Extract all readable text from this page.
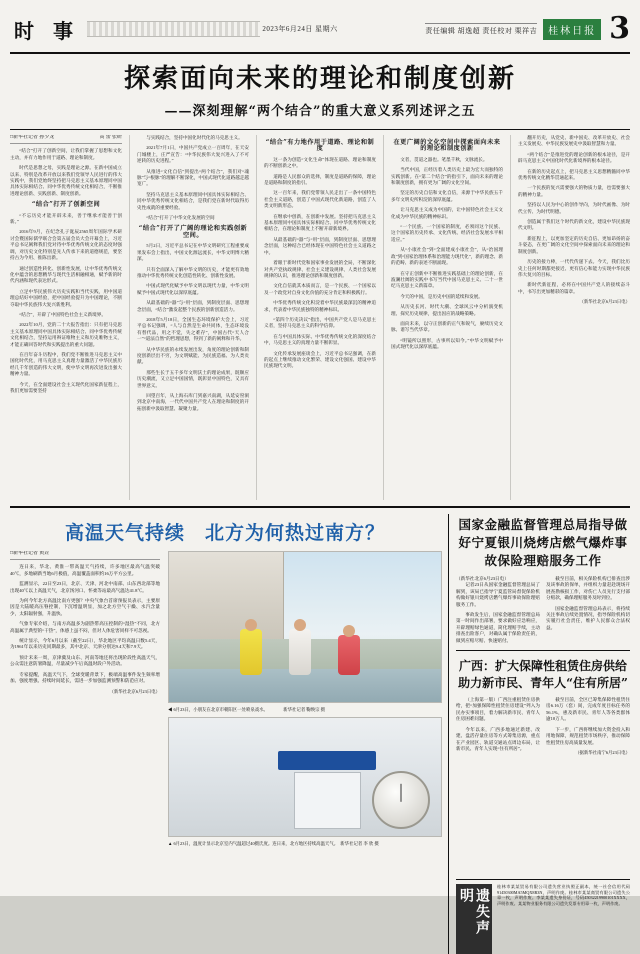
时 事	2023年6月24日 星期六	责任编辑 胡逸超 责任校对 栗祥吉	桂林日报 3
探索面向未来的理论和制度创新
——深刻理解“两个结合”的重大意义系列述评之五
□新华社记者 孙少龙	高 蕾 张研

“结合”打开了创新空间，让我们掌握了思想和文化主动，并有力地作用于道路、理论和制度。

时代是思想之母，实践是理论之源。在新中国成立以来、特别是改革开放以来我们党领导人民进行的伟大实践中，我们党始终坚持把马克思主义基本原理同中国具体实际相结合、同中华优秀传统文化相结合，不断推进理论创新、实践创新、制度创新。

“结合”打开了创新空间

“不忘历史才能开辟未来，善于继承才能善于创新。”

2016年9月，在纪念孔子诞辰2565周年国际学术研讨会暨国际儒学联合会第五届会员大会开幕会上，习近平总书记阐释我们党对待中华优秀传统文化的态度时强调，对历史文化特别是先人传承下来的道德规范，要坚持古为今用、推陈出新。

通过创造性转化、创新性发展，让中华优秀传统文化中蕴含的思想精华与现代生活相融相通，赋予新的时代内涵和现代表达形式。

立足中华民族伟大历史实践和当代实践，用中国道理总结好中国经验，把中国经验提升为中国理论，不断夺取中华民族伟大复兴新胜利。

“结合”，开辟了中国特色社会主义新境界。

2022年10月，党的二十大报告指出：只有把马克思主义基本原理同中国具体实际相结合、同中华优秀传统文化相结合，坚持运用辩证唯物主义和历史唯物主义，才能正确回答时代和实践提出的重大问题。

在百年奋斗历程中，我们党不断推进马克思主义中国化时代化，用马克思主义真理力量激活了中华民族历经几千年创造的伟大文明，使中华文明再次迸发出强大精神力量。

今天，在全面建设社会主义现代化国家新征程上，我们更加需要坚持

与实践结合，坚持中国化时代化的马克思主义。

2021年7月1日，中国共产党成立一百周年，在天安门城楼上，庄严宣告：“中华民族伟大复兴进入了不可逆转的历史进程。”

从推进“文化自信”到提出“两个结合”，我们对“魂脉”与“根脉”的理解不断深化，中国式现代化道路越走越宽广。

坚持马克思主义基本原理同中国具体实际相结合、同中华优秀传统文化相结合，是我们党在新时代取得历史性成就的重要经验。

“结合”打开了中华文化发展的空间

“结合”打开了广阔的理论和实践创新空间。

5月2日，习近平总书记在中华文明研究工程重要成果发布会上指出，中国文化源远流长，中华文明博大精深。

只有全面深入了解中华文明的历史，才能更有效地推动中华优秀传统文化创造性转化、创新性发展。

中国式现代化赋予中华文明以现代力量，中华文明赋予中国式现代化以深厚底蕴。

从最基础的“器”与“用”层面，到制度层面、思想理念层面，“结合”激发起整个民族的创新创造活力。

2018年5月18日，全国生态环境保护大会上，习近平总书记强调，“人与自然是生命共同体，生态环境没有替代品，用之不觉，失之难存”，中国古代“天人合一”“道法自然”的哲理思想，得到了新的阐释和升华。

从中华民族的永续发展出发，角度的理论创新和制度创新层出不穷，为文明赋能、为民族造福、为人类贡献。

那些生长于五千多年文明沃土的理论成果，既顺应历史潮流，又立足中国国情，既彰显中国特色，又具有世界意义。

回望百年，从上海石库门到嘉兴南湖，从延安窑洞到北京中南海，一代代中国共产党人在理论和制度的开拓创新中汲取智慧、凝聚力量。

“结合”有力地作用于道路、理论和制度

这一条为创造“文化生命”体现在道路、理论和制度的不断创新之中。

道路是人民群众的选择，制度是道路的保障，理论是道路和制度的指引。

这一百年来，我们党带领人民走出了一条中国特色社会主义道路，创造了中国式现代化新道路，创造了人类文明新形态。

在继承中创新，在创新中发展。坚持把马克思主义基本原理同中国具体实际相结合、同中华优秀传统文化相结合，在理论和制度上不断开辟新境界。

从最基础的“器”与“用”层面，到制度层面、思想理念层面，这种结合已经体现在中国特色社会主义道路之中。

着眼于新时代党和国家事业发展的全局，不断深化对共产党执政规律、社会主义建设规律、人类社会发展规律的认识，推进理论创新和制度创新。

文化自信就其本质而言，是一个民族、一个国家以及一个政党对自身文化价值的充分肯定和积极践行。

中华优秀传统文化积淀着中华民族最深沉的精神追求，代表着中华民族独特的精神标识。

“第四个历史决议”指出，中国共产党人是马克思主义者，坚持马克思主义的科学信仰。

在与中国具体实际、中华优秀传统文化的深度结合中，马克思主义的真理力量不断彰显。

文化传承发展座谈会上，习近平总书记强调，在新的起点上继续推动文化繁荣、建设文化强国、建设中华民族现代文明。

在更广阔的文化空间中探索面向未来的理论和制度创新

文者，贯道之器也。笔墨千秋，文脉流长。

当代中国，正经历着人类历史上最为宏大而独特的实践创新。在“第二个结合”的指引下，面向未来的理论和制度创新，拥有更为广阔的文化空间。

坚定的历史自信和文化自信，来源于中华民族五千多年文明史所积淀的深厚底蕴。

让马克思主义成为中国的，让中国特色社会主义文化成为中华民族的精神标识。

“一个民族、一个国家的制度，必须同这个民族、这个国家的历史传承、文化传统、经济社会发展水平相适应。”

从“小康社会”到“全面建成小康社会”，从“治国理政”到“国家治理体系和治理能力现代化”，新的理念、新的范畴、新的表述不断涌现。

在守正创新中不断推进实践基础上的理论创新，在波澜壮阔的实践中书写当代中国马克思主义、二十一世纪马克思主义新篇章。

今天的中国，是历史中国的延续和发展。

从历史长河、时代大潮、全球风云中分析演变机理、探究历史规律，提出因应的战略策略。

面向未来，以守正创新的正气和锐气，赓续历史文脉、谱写当代华章。

“明镜所以照形，古事所以知今。”中华文明赋予中国式现代化以深厚底蕴。

翻开历史，从党史、新中国史、改革开放史、社会主义发展史、中华民族发展史中汲取智慧和力量。

“两个结合”是推进党的理论创新的根本途径，是开辟马克思主义中国化时代化新境界的根本途径。

在新的历史起点上，把马克思主义思想精髓同中华优秀传统文化精华贯通起来。

一个民族的复兴需要强大的物质力量，也需要强大的精神力量。

坚持以人民为中心的创作导向，为时代画像、为时代立传、为时代明德。

创造属于我们这个时代的新文化，建设中华民族现代文明。

新征程上，以更加坚定的历史自信、更加昂扬的奋斗姿态，在更广阔的文化空间中探索面向未来的理论和制度创新。

历史的接力棒，一代代传递下去。今天，我们比历史上任何时期都更接近、更有信心和能力实现中华民族伟大复兴的目标。

新时代新征程，必将在中国共产党人的接续奋斗中，书写出更加精彩的篇章。

（新华社北京6月23日电）

高温天气持续　北方为何热过南方？
□新华社记者 黄垚

连日来，华北、黄淮一带高温天气持续，许多地区最高气温突破40℃，多地刷新当地6月极值，高温覆盖面积约16万平方公里。

监测显示，22日至23日，北京、天津、河北中南部、山东西北部等地出现40℃以上高温天气，北京汤河口、怀柔等站最高气温达41.8℃。

为何今年北方高温比南方更强？中央气象台首席预报员表示，主要原因是大陆暖高压脊控制，下沉增温明显，加之北方空气干燥、水汽含量少，太阳辐射强，升温快。

气象专家介绍，与南方高温多为副热带高压控制的“湿热”不同，北方高温属于典型的“干热”，体感上虽不闷，但对人体危害同样不可忽视。

统计显示，今年6月以来（截至22日），华北地区平均高温日数5.4天，为1961年以来历史同期最多，其中北京、天津分别达9.4天和7.9天。

预计未来一周，京津冀及山东、河南等地还将出现阶段性高温天气，公众需注意防暑降温，尽量减少午后高温时段户外活动。

专家提醒，高温天气下，全球变暖背景下，极端高温事件发生频率增加、强度增强、持续时间延长，需进一步加强监测预警和防范应对。

（新华社北京6月23日电）

◀ 6月23日，小朋友在北京市朝阳区一处喷泉戏水。　　　　新华社记者 鞠焕宗 摄
▲ 6月23日，温度计显示北京室内气温超过40摄氏度。连日来，北方地区持续高温天气。　新华社记者 李 欣 摄
国家金融监督管理总局指导做好宁夏银川烧烤店燃气爆炸事故保险理赔服务工作
（新华社北京6月23日电）

记者23日从国家金融监督管理总局了解到，该局已指导宁夏监管局督促保险机构做好银川烧烤店燃气爆炸事故保险理赔服务工作。

事故发生后，国家金融监督管理总局第一时间作出部署，要求做好应急响应，开辟理赔绿色通道，简化理赔手续，主动排查出险客户，对确认属于保险责任的，做到应赔尽赔、快速赔付。

截至目前，相关保险机构已排查出涉及该事故的保单，并组织力量赶赴现场开展查勘核损工作，对伤亡人员先行支付部分赔款，确保理赔服务及时到位。

国家金融监督管理总局表示，将持续关注事故后续处置情况，指导保险机构切实履行社会责任，维护人民群众合法权益。

广西：扩大保障性租赁住房供给　助力新市民、青年人“住有所居”

（上海第一版）广西注重租赁住房供给，把“加强保障性租赁住房建设”列入为民办实事项目，着力解决新市民、青年人住房困难问题。

今年以来，广西多地通过新建、改建、盘活存量住房等方式筹集房源，重点在产业园区、轨道交通站点周边布局，让新市民、青年人实现“住有所居”。

截至目前，全区已筹集保障性租赁住房6.16万（套）间，完成年度目标任务的56.1%，惠及新市民、青年人等各类群体逾10万人。

下一步，广西将继续加大资金投入和用地保障，规范租赁市场秩序，推动保障性租赁住房高质量发展。

（据新华社南宁6月23日电）

遗失声明
桂林市某某贸易有限公司遗失营业执照正副本，统一社会信用代码91450300MA5MQX8R3N，声明作废。桂林市某某商贸有限公司遗失公章一枚，声明作废。李某某遗失身份证，号码45032219900101XXXX，声明作废。某某物业服务有限公司遗失发票专用章一枚，声明作废。
